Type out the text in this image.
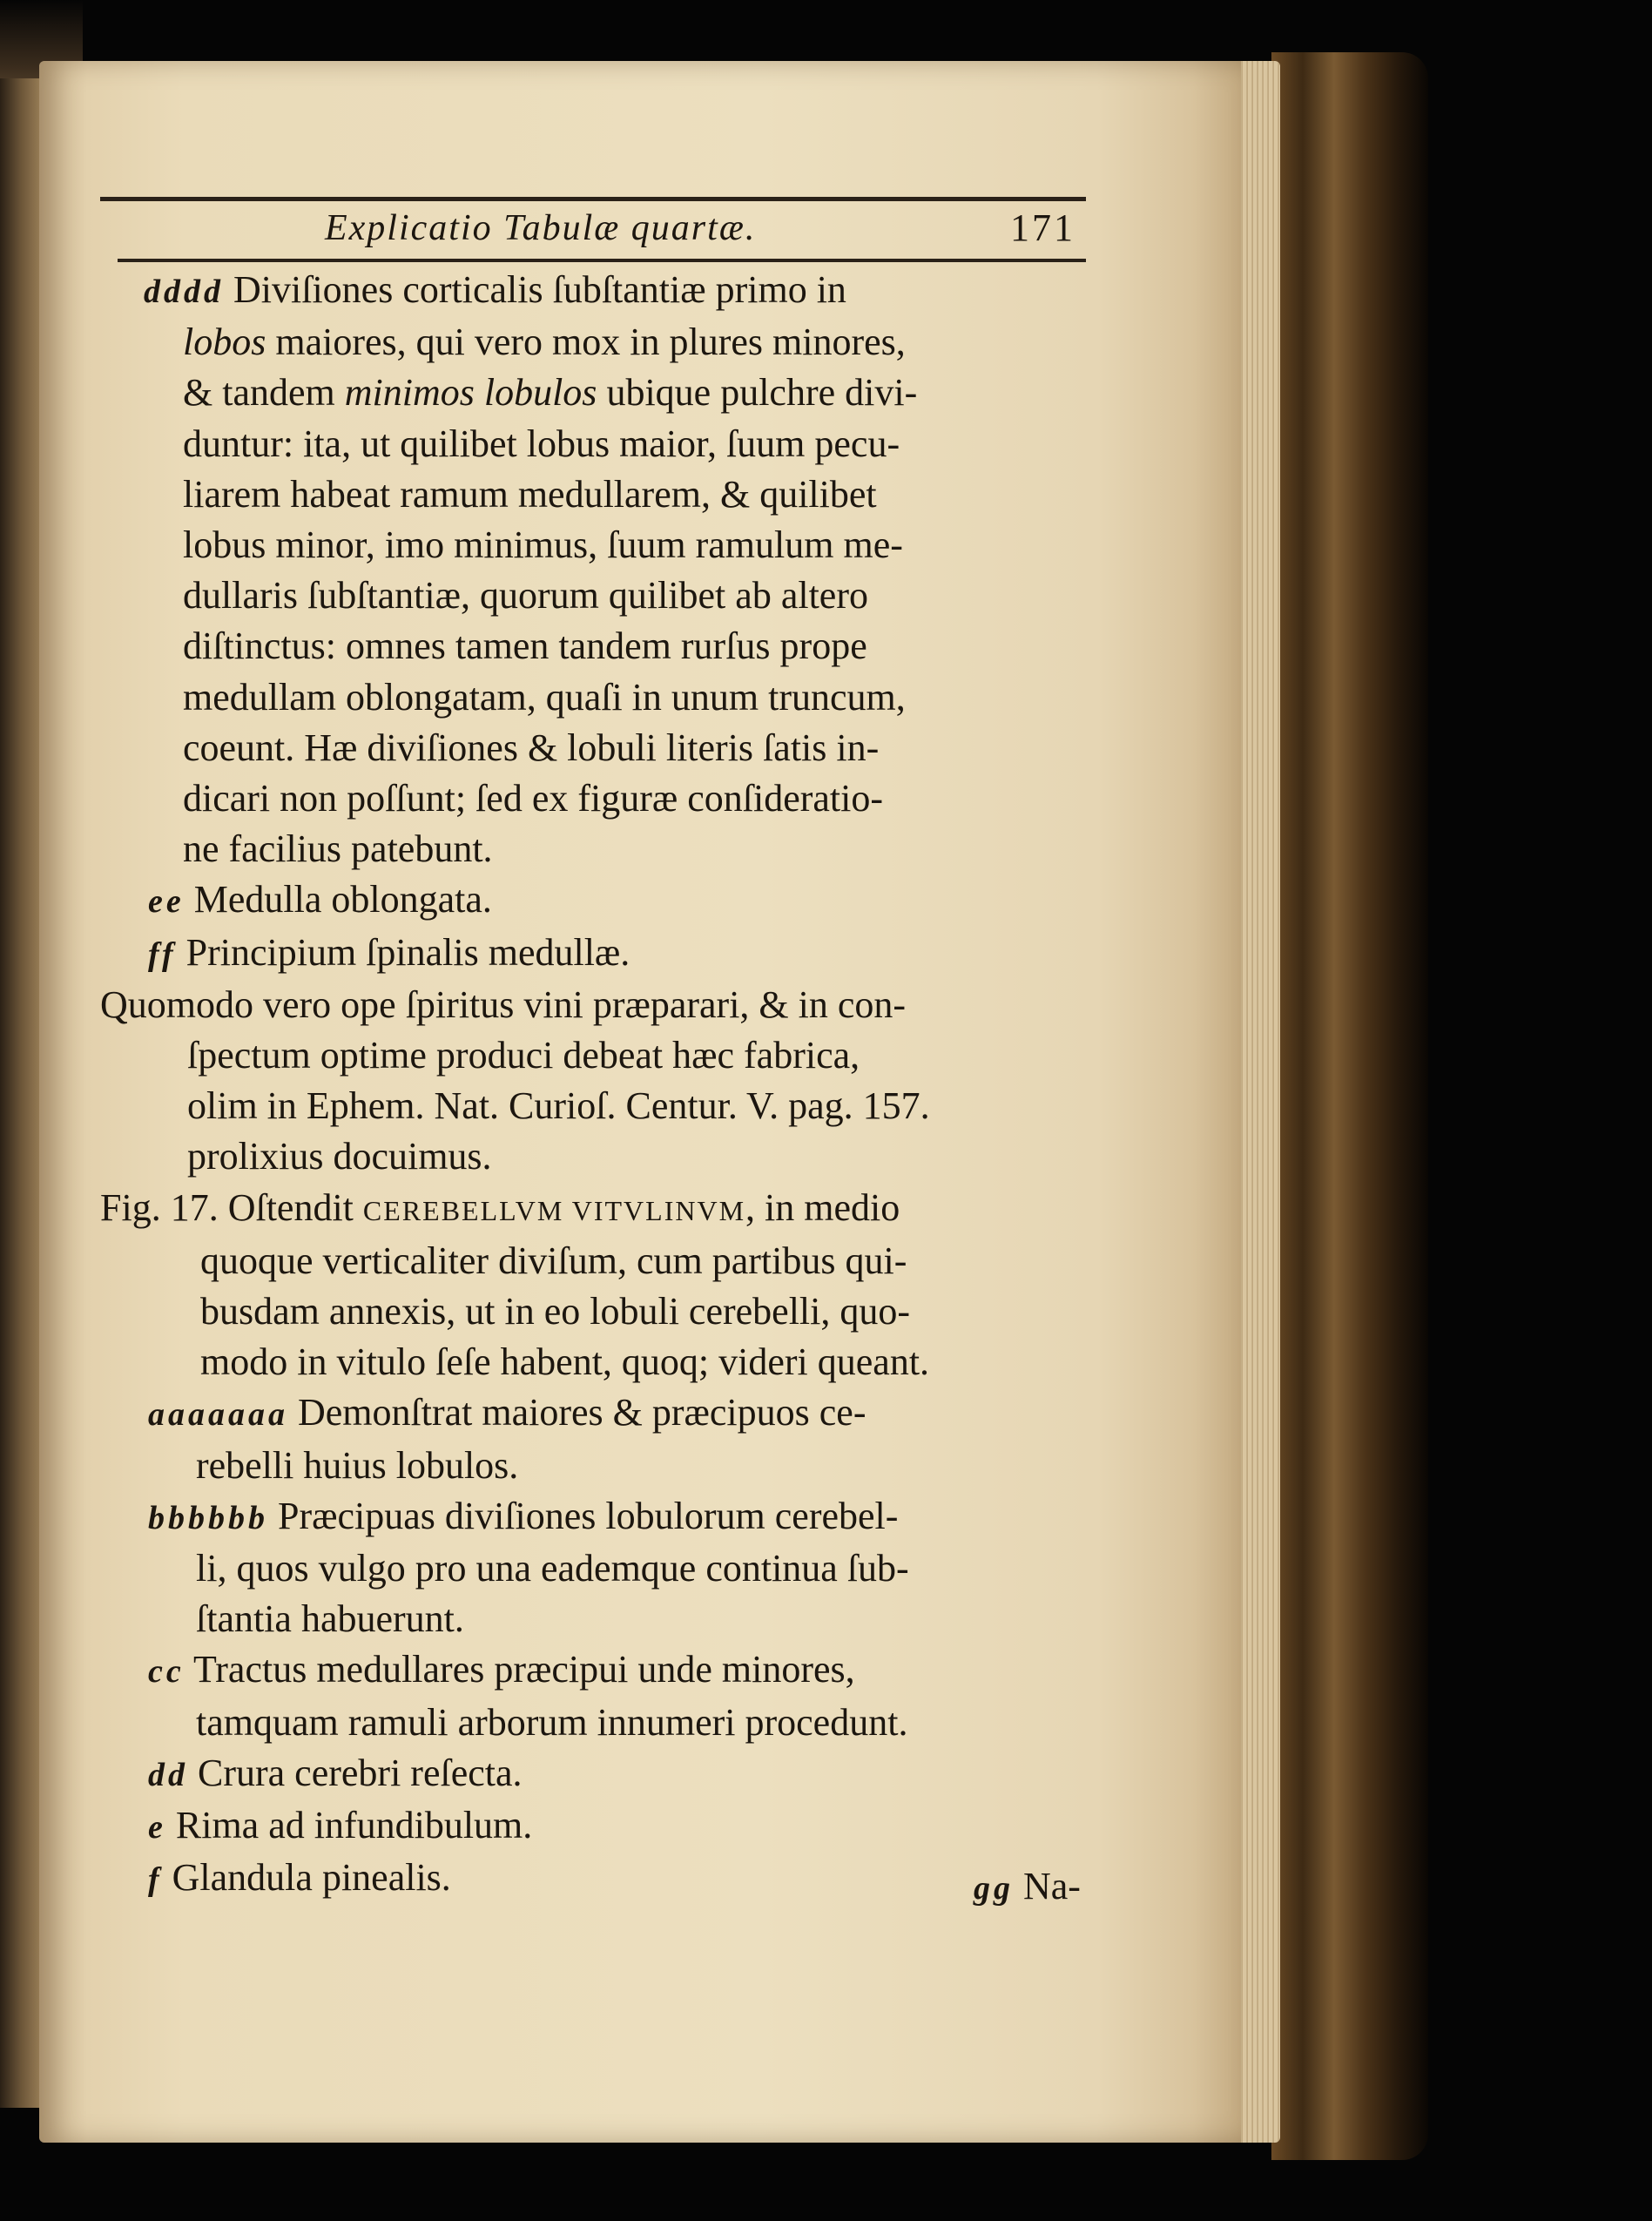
Explicatio Tabulæ quartæ.	171
dddd Diviſiones corticalis ſubſtantiæ primo in
lobos maiores, qui vero mox in plures minores,
& tandem minimos lobulos ubique pulchre divi-
duntur: ita, ut quilibet lobus maior, ſuum pecu-
liarem habeat ramum medullarem, & quilibet
lobus minor, imo minimus, ſuum ramulum me-
dullaris ſubſtantiæ, quorum quilibet ab altero
diſtinctus: omnes tamen tandem rurſus prope
medullam oblongatam, quaſi in unum truncum,
coeunt. Hæ diviſiones & lobuli literis ſatis in-
dicari non poſſunt; ſed ex figuræ conſideratio-
ne facilius patebunt.
ee Medulla oblongata.
ff Principium ſpinalis medullæ.
Quomodo vero ope ſpiritus vini præparari, & in con-
ſpectum optime produci debeat hæc fabrica,
olim in Ephem. Nat. Curioſ. Centur. V. pag. 157.
prolixius docuimus.
Fig. 17. Oſtendit CEREBELLVM VITVLINVM, in medio
quoque verticaliter diviſum, cum partibus qui-
busdam annexis, ut in eo lobuli cerebelli, quo-
modo in vitulo ſeſe habent, quoq; videri queant.
aaaaaaa Demonſtrat maiores & præcipuos ce-
rebelli huius lobulos.
bbbbbb Præcipuas diviſiones lobulorum cerebel-
li, quos vulgo pro una eademque continua ſub-
ſtantia habuerunt.
cc Tractus medullares præcipui unde minores,
tamquam ramuli arborum innumeri procedunt.
dd Crura cerebri reſecta.
e Rima ad infundibulum.
f Glandula pinealis.	gg Na-
